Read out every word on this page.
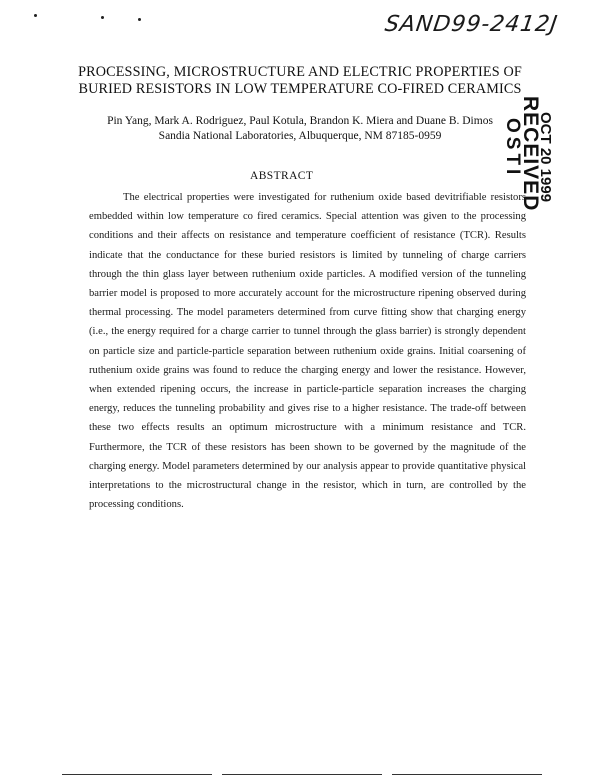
SAND99-2412J
PROCESSING, MICROSTRUCTURE AND ELECTRIC PROPERTIES OF BURIED RESISTORS IN LOW TEMPERATURE CO-FIRED CERAMICS
Pin Yang, Mark A. Rodriguez, Paul Kotula, Brandon K. Miera and Duane B. Dimos
Sandia National Laboratories, Albuquerque, NM 87185-0959	RECEIVED
OCT 20 1999
OSTI
ABSTRACT
The electrical properties were investigated for ruthenium oxide based devitrifiable resistors embedded within low temperature co fired ceramics. Special attention was given to the processing conditions and their affects on resistance and temperature coefficient of resistance (TCR). Results indicate that the conductance for these buried resistors is limited by tunneling of charge carriers through the thin glass layer between ruthenium oxide particles. A modified version of the tunneling barrier model is proposed to more accurately account for the microstructure ripening observed during thermal processing. The model parameters determined from curve fitting show that charging energy (i.e., the energy required for a charge carrier to tunnel through the glass barrier) is strongly dependent on particle size and particle-particle separation between ruthenium oxide grains. Initial coarsening of ruthenium oxide grains was found to reduce the charging energy and lower the resistance. However, when extended ripening occurs, the increase in particle-particle separation increases the charging energy, reduces the tunneling probability and gives rise to a higher resistance. The trade-off between these two effects results an optimum microstructure with a minimum resistance and TCR. Furthermore, the TCR of these resistors has been shown to be governed by the magnitude of the charging energy. Model parameters determined by our analysis appear to provide quantitative physical interpretations to the microstructural change in the resistor, which in turn, are controlled by the processing conditions.
